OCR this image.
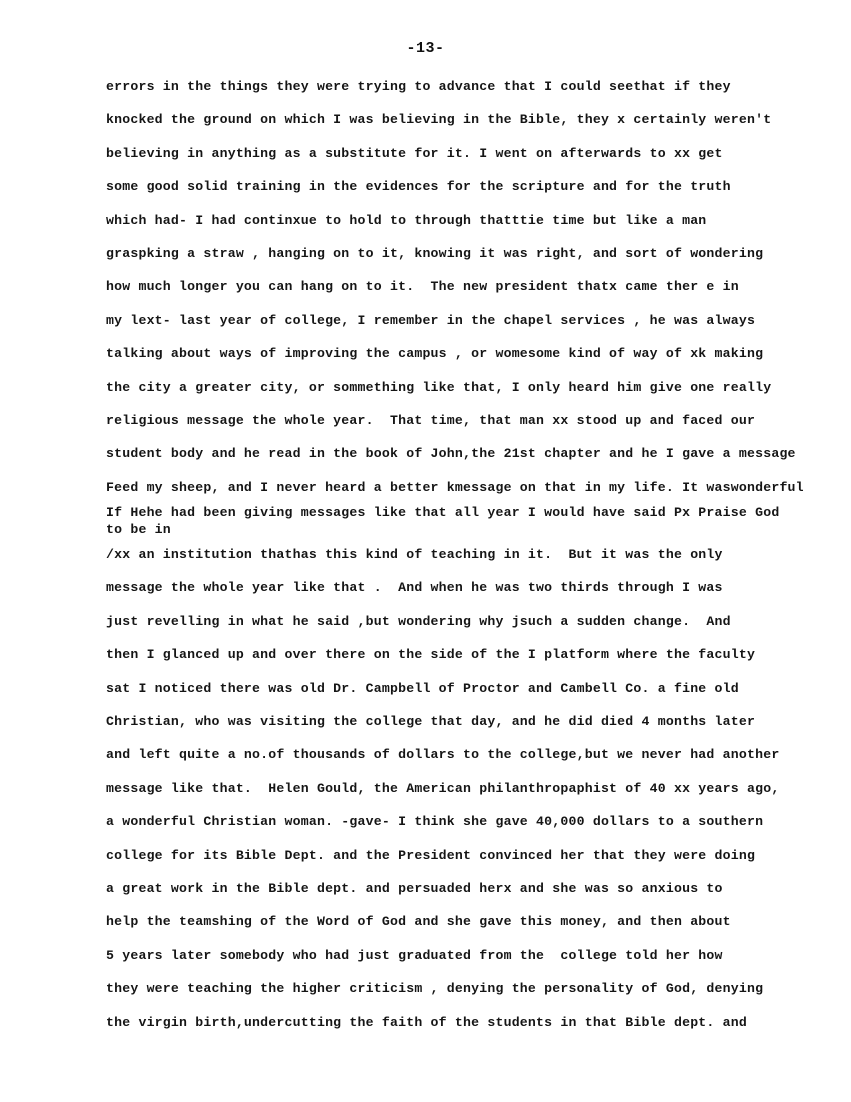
-13-
errors in the things they were trying to advance that I could seethat if they
knocked the ground on which I was believing in the Bible, they x certainly weren't
believing in anything as a substitute for it. I went on afterwards to xx get
some good solid training in the evidences for the scripture and for the truth
which had- I had continxue to hold to through thatttie time but like a man
graspking a straw , hanging on to it, knowing it was right, and sort of wondering
how much longer you can hang on to it.  The new president thatx came ther e in
my lext- last year of college, I remember in the chapel services , he was always
talking about ways of improving the campus , or womesome kind of way of xk making
the city a greater city, or sommething like that, I only heard him give one really
religious message the whole year.  That time, that man xx stood up and faced our
student body and he read in the book of John,the 21st chapter and he I gave a message
Feed my sheep, and I never heard a better kmessage on that in my life. It waswonderful
If Hehe had been giving messages like that all year I would have said Px Praise God
to be in
/xx an institution thathas this kind of teaching in it.  But it was the only
message the whole year like that .  And when he was two thirds through I was
just revelling in what he said ,but wondering why jsuch a sudden change.  And
then I glanced up and over there on the side of the I platform where the faculty
sat I noticed there was old Dr. Campbell of Proctor and Cambell Co. a fine old
Christian, who was visiting the college that day, and he did died 4 months later
and left quite a no.of thousands of dollars to the college,but we never had another
message like that.  Helen Gould, the American philanthropaphist of 40 xx years ago,
a wonderful Christian woman. -gave- I think she gave 40,000 dollars to a southern
college for its Bible Dept. and the President convinced her that they were doing
a great work in the Bible dept. and persuaded herx and she was so anxious to
help the teamshing of the Word of God and she gave this money, and then about
5 years later somebody who had just graduated from the  college told her how
they were teaching the higher criticism , denying the personality of God, denying
the virgin birth,undercutting the faith of the students in that Bible dept. and
